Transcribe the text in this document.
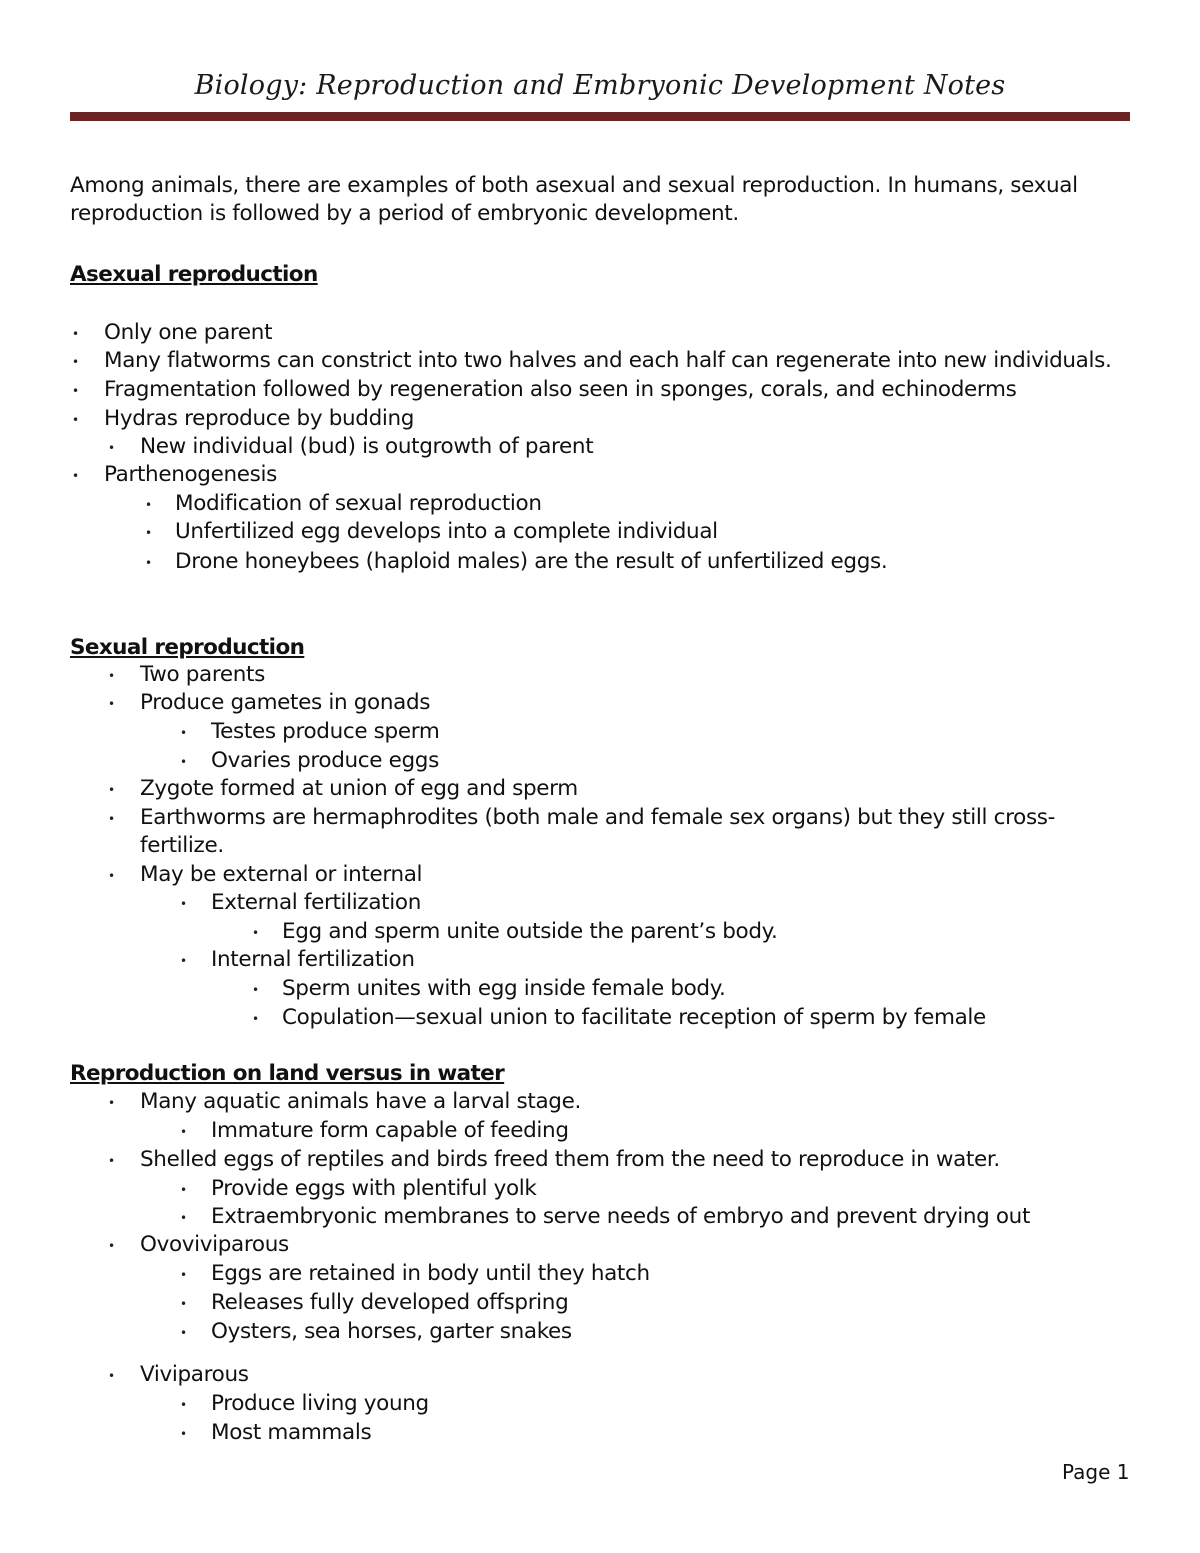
Biology: Reproduction and Embryonic Development Notes
Among animals, there are examples of both asexual and sexual reproduction. In humans, sexual
reproduction is followed by a period of embryonic development.
Asexual reproduction
• Only one parent
• Many flatworms can constrict into two halves and each half can regenerate into new individuals.
• Fragmentation followed by regeneration also seen in sponges, corals, and echinoderms
• Hydras reproduce by budding
• New individual (bud) is outgrowth of parent
• Parthenogenesis
• Modification of sexual reproduction
• Unfertilized egg develops into a complete individual
• Drone honeybees (haploid males) are the result of unfertilized eggs.
Sexual reproduction
• Two parents
• Produce gametes in gonads
• Testes produce sperm
• Ovaries produce eggs
• Zygote formed at union of egg and sperm
• Earthworms are hermaphrodites (both male and female sex organs) but they still cross-
fertilize.
• May be external or internal
• External fertilization
• Egg and sperm unite outside the parent’s body.
• Internal fertilization
• Sperm unites with egg inside female body.
• Copulation—sexual union to facilitate reception of sperm by female
Reproduction on land versus in water
• Many aquatic animals have a larval stage.
• Immature form capable of feeding
• Shelled eggs of reptiles and birds freed them from the need to reproduce in water.
• Provide eggs with plentiful yolk
• Extraembryonic membranes to serve needs of embryo and prevent drying out
• Ovoviviparous
• Eggs are retained in body until they hatch
• Releases fully developed offspring
• Oysters, sea horses, garter snakes
• Viviparous
• Produce living young
• Most mammals
Page 1
